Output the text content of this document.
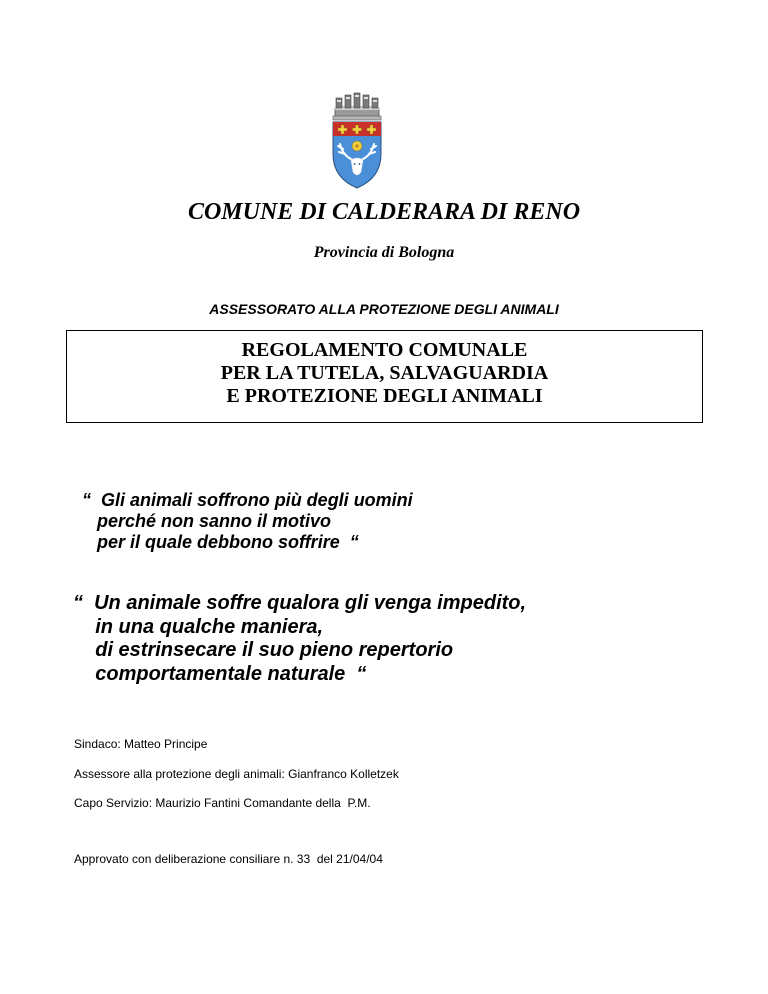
COMUNE DI CALDERARA DI RENO
Provincia di Bologna
ASSESSORATO ALLA PROTEZIONE DEGLI ANIMALI
REGOLAMENTO COMUNALE
PER LA TUTELA, SALVAGUARDIA
E PROTEZIONE DEGLI ANIMALI
“  Gli animali soffrono più degli uomini
perché non sanno il motivo
per il quale debbono soffrire  “
“  Un animale soffre qualora gli venga impedito,
in una qualche maniera,
di estrinsecare il suo pieno repertorio
comportamentale naturale  “
Sindaco: Matteo Principe
Assessore alla protezione degli animali: Gianfranco Kolletzek
Capo Servizio: Maurizio Fantini Comandante della  P.M.
Approvato con deliberazione consiliare n. 33  del 21/04/04
